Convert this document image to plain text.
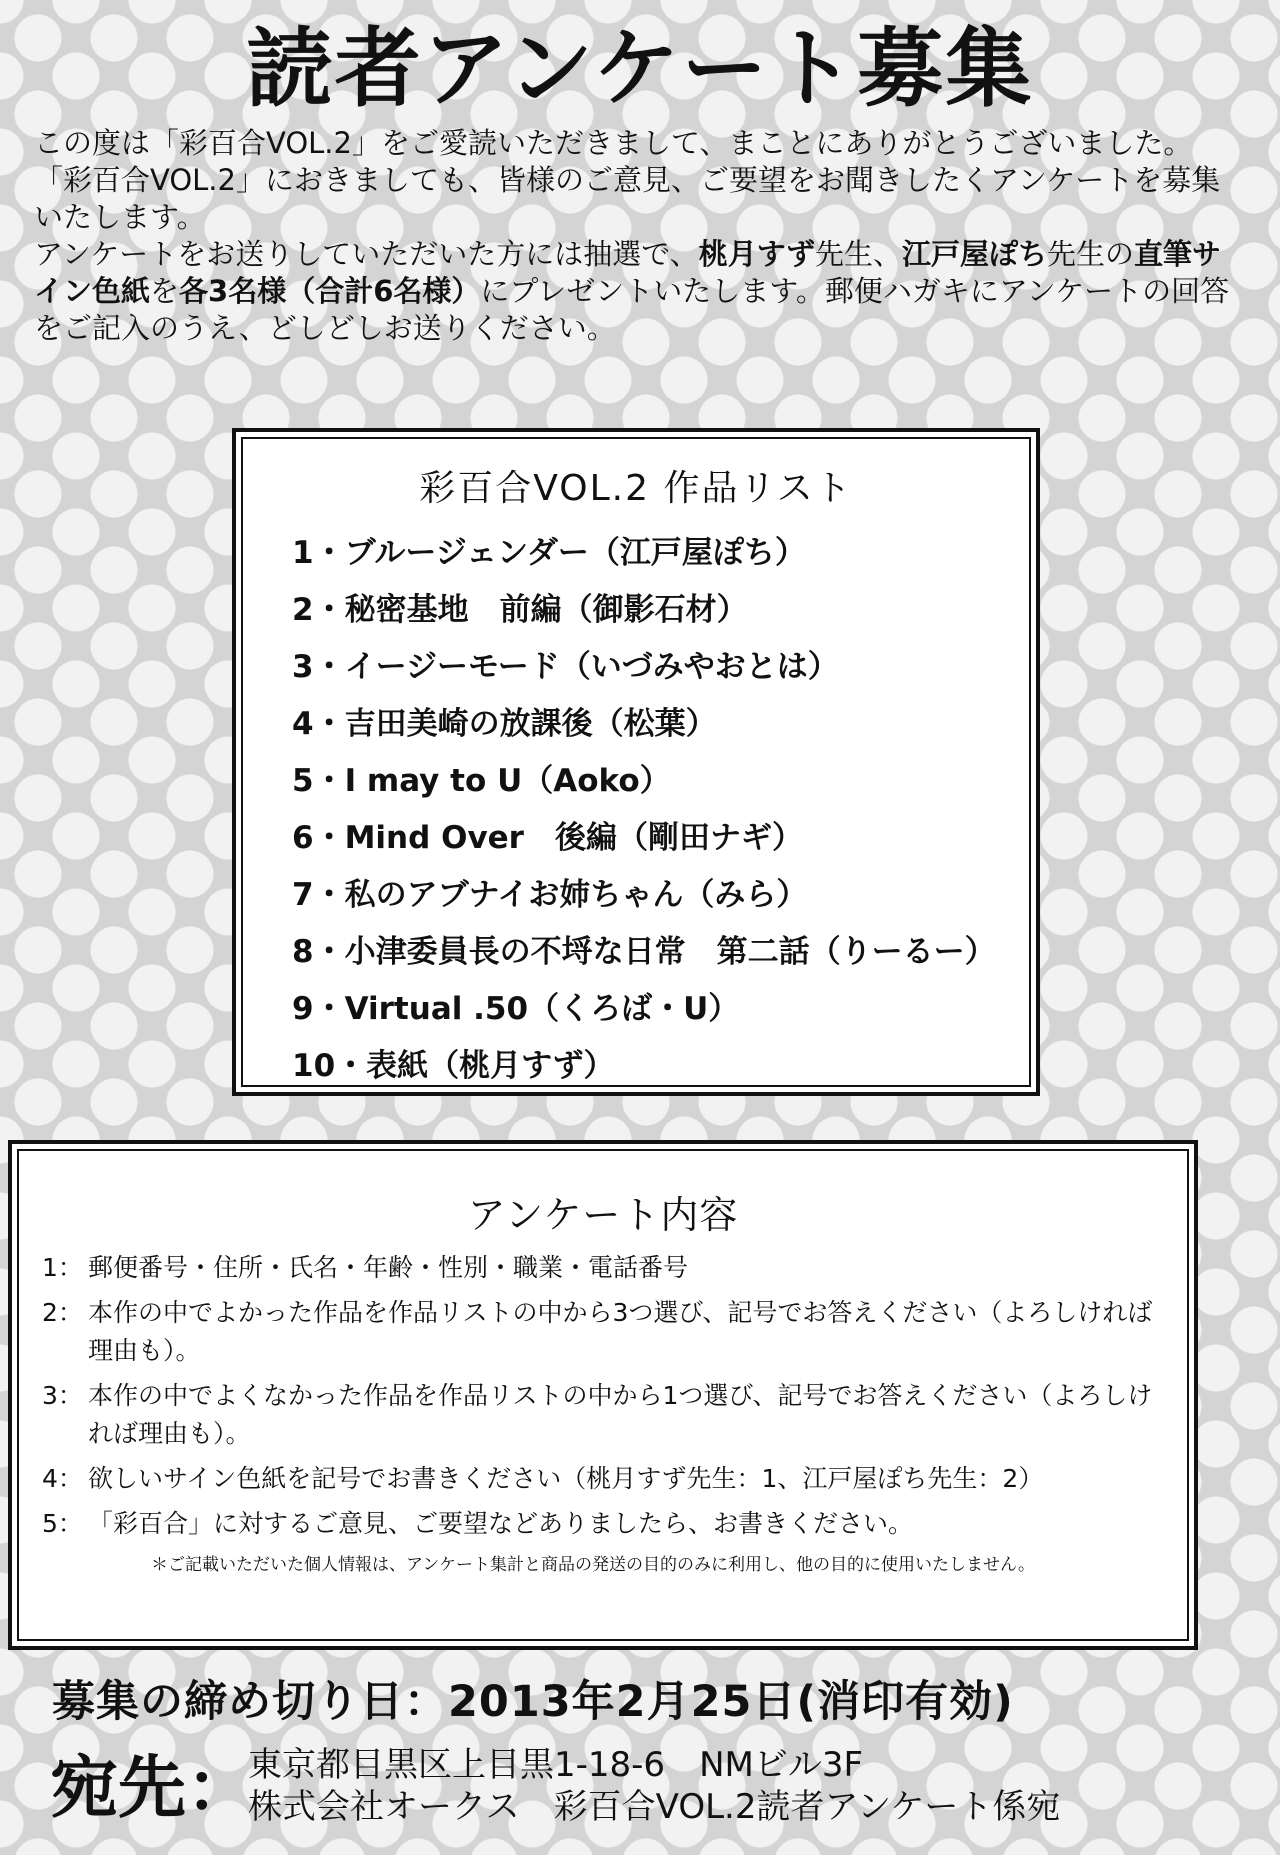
読者アンケート募集

この度は「彩百合VOL.2」をご愛読いただきまして、まことにありがとうございました。

「彩百合VOL.2」におきましても、皆様のご意見、ご要望をお聞きしたくアンケートを募集いたします。

アンケートをお送りしていただいた方には抽選で、桃月すず先生、江戸屋ぽち先生の直筆サイン色紙を各3名様（合計6名様）にプレゼントいたします。郵便ハガキにアンケートの回答をご記入のうえ、どしどしお送りください。

彩百合VOL.2 作品リスト
1・ブルージェンダー（江戸屋ぽち）
2・秘密基地　前編（御影石材）
3・イージーモード（いづみやおとは）
4・吉田美崎の放課後（松葉）
5・I may to U（Aoko）
6・Mind Over　後編（剛田ナギ）
7・私のアブナイお姉ちゃん（みら）
8・小津委員長の不埒な日常　第二話（りーるー）
9・Virtual .50（くろば・U）
10・表紙（桃月すず）
アンケート内容
1： 郵便番号・住所・氏名・年齢・性別・職業・電話番号
2： 本作の中でよかった作品を作品リストの中から3つ選び、記号でお答えください（よろしければ理由も）。
3： 本作の中でよくなかった作品を作品リストの中から1つ選び、記号でお答えください（よろしければ理由も）。
4： 欲しいサイン色紙を記号でお書きください（桃月すず先生：1、江戸屋ぽち先生：2）
5： 「彩百合」に対するご意見、ご要望などありましたら、お書きください。
＊ご記載いただいた個人情報は、アンケート集計と商品の発送の目的のみに利用し、他の目的に使用いたしません。
募集の締め切り日：2013年2月25日(消印有効)
宛先：
東京都目黒区上目黒1-18-6　NMビル3F
株式会社オークス　彩百合VOL.2読者アンケート係宛
